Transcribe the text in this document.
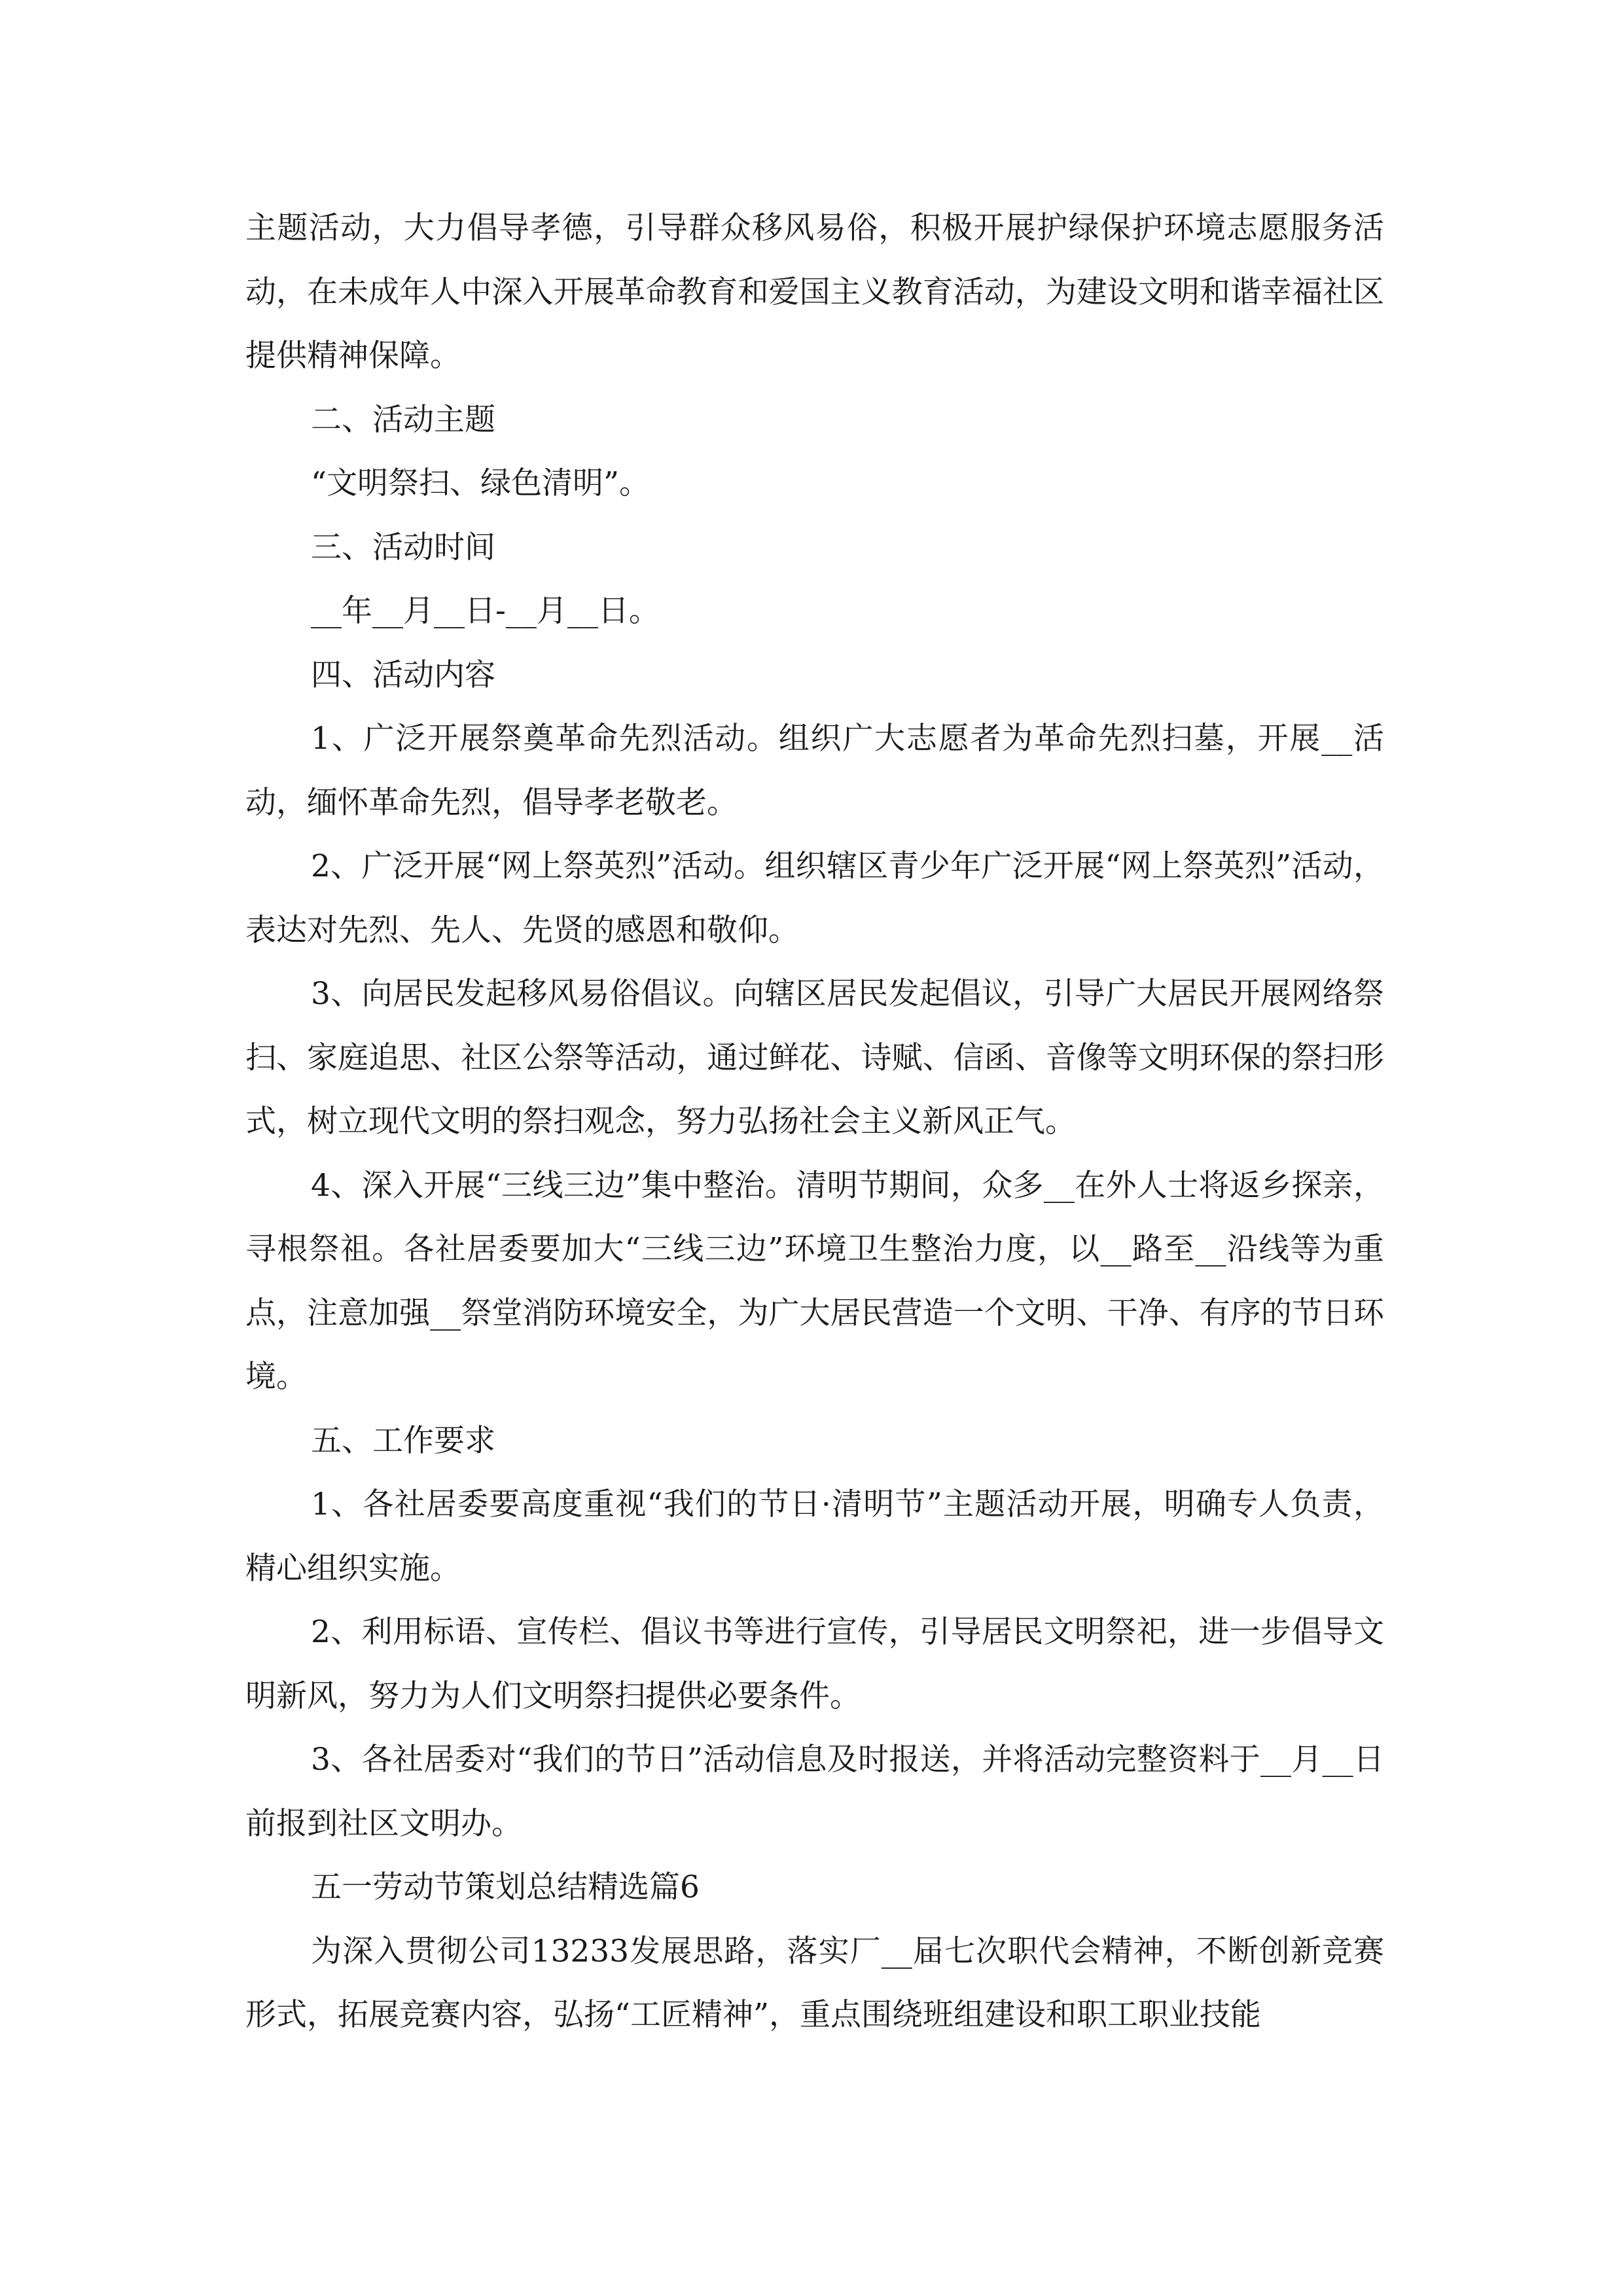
主题活动，大力倡导孝德，引导群众移风易俗，积极开展护绿保护环境志愿服务活动，在未成年人中深入开展革命教育和爱国主义教育活动，为建设文明和谐幸福社区提供精神保障。

二、活动主题

“文明祭扫、绿色清明”。

三、活动时间

__年__月__日-__月__日。

四、活动内容

1、广泛开展祭奠革命先烈活动。组织广大志愿者为革命先烈扫墓，开展__活动，缅怀革命先烈，倡导孝老敬老。

2、广泛开展“网上祭英烈”活动。组织辖区青少年广泛开展“网上祭英烈”活动，表达对先烈、先人、先贤的感恩和敬仰。

3、向居民发起移风易俗倡议。向辖区居民发起倡议，引导广大居民开展网络祭扫、家庭追思、社区公祭等活动，通过鲜花、诗赋、信函、音像等文明环保的祭扫形式，树立现代文明的祭扫观念，努力弘扬社会主义新风正气。

4、深入开展“三线三边”集中整治。清明节期间，众多__在外人士将返乡探亲，寻根祭祖。各社居委要加大“三线三边”环境卫生整治力度，以__路至__沿线等为重点，注意加强__祭堂消防环境安全，为广大居民营造一个文明、干净、有序的节日环境。

五、工作要求

1、各社居委要高度重视“我们的节日·清明节”主题活动开展，明确专人负责，精心组织实施。

2、利用标语、宣传栏、倡议书等进行宣传，引导居民文明祭祀，进一步倡导文明新风，努力为人们文明祭扫提供必要条件。

3、各社居委对“我们的节日”活动信息及时报送，并将活动完整资料于__月__日前报到社区文明办。

五一劳动节策划总结精选篇6

为深入贯彻公司13233发展思路，落实厂__届七次职代会精神，不断创新竞赛形式，拓展竞赛内容，弘扬“工匠精神”，重点围绕班组建设和职工职业技能
